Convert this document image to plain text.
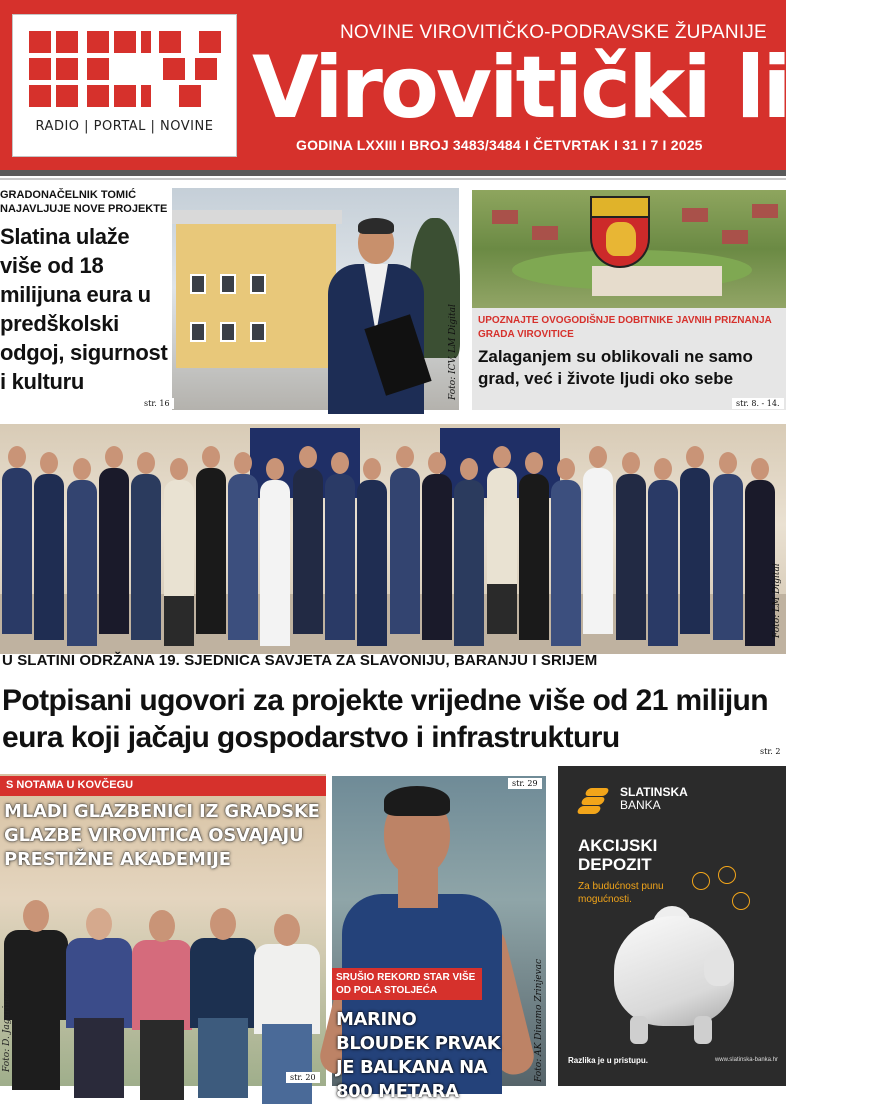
RADIO | PORTAL | NOVINE
NOVINE VIROVITIČKO-PODRAVSKE ŽUPANIJE
Virovitički list
GODINA LXXIII I BROJ 3483/3484 I ČETVRTAK I 31 I 7 I 2025
GRADONAČELNIK TOMIĆ NAJAVLJUJE NOVE PROJEKTE
Slatina ulaže više od 18 milijuna eura u predškolski odgoj, sigurnost i kulturu	Foto: ICV, LM Digital
str. 16
UPOZNAJTE OVOGODIŠNJE DOBITNIKE JAVNIH PRIZNANJA GRADA VIROVITICE
Zalaganjem su oblikovali ne samo grad, već i živote ljudi oko sebe
str. 8. - 14.
Foto: LM Digital
U SLATINI ODRŽANA 19. SJEDNICA SAVJETA ZA SLAVONIJU, BARANJU I SRIJEM
Potpisani ugovori za projekte vrijedne više od 21 milijun eura koji jačaju gospodarstvo i infrastrukturu	str. 2
S NOTAMA U KOVČEGU
MLADI GLAZBENICI IZ GRADSKE GLAZBE VIROVITICA OSVAJAJU PRESTIŽNE AKADEMIJE
Foto: D. Jagarinec
str. 20
str. 29
SRUŠIO REKORD STAR VIŠE OD POLA STOLJEĆA
MARINO BLOUDEK PRVAK JE BALKANA NA 800 METARA
Foto: AK Dinamo Zrinjevac
SLATINSKA
BANKA
AKCIJSKI
DEPOZIT
Za budućnost punu mogućnosti.
Razlika je u pristupu.	www.slatinska-banka.hr
